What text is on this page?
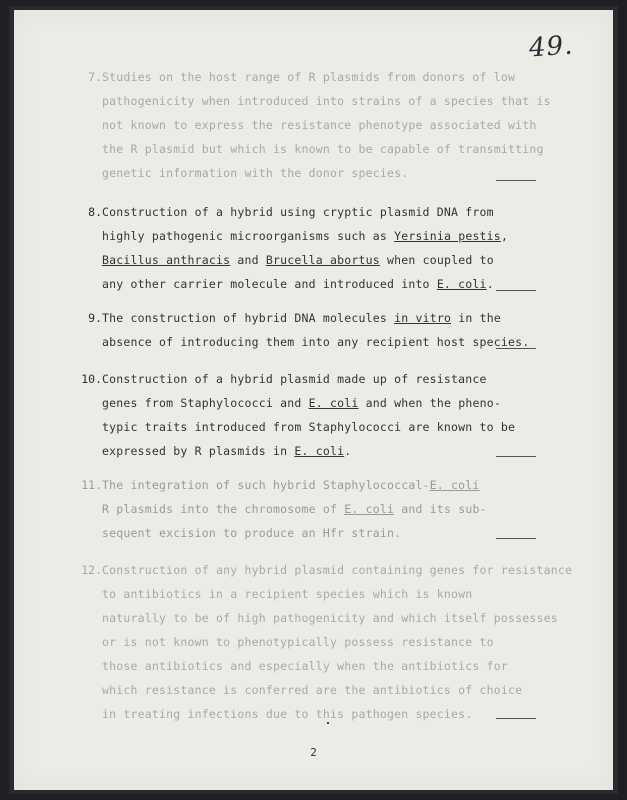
49.
7. Studies on the host range of R plasmids from donors of low
pathogenicity when introduced into strains of a species that is
not known to express the resistance phenotype associated with
the R plasmid but which is known to be capable of transmitting
genetic information with the donor species.
8. Construction of a hybrid using cryptic plasmid DNA from
highly pathogenic microorganisms such as Yersinia pestis,
Bacillus anthracis and Brucella abortus when coupled to
any other carrier molecule and introduced into E. coli.
9. The construction of hybrid DNA molecules in vitro in the
absence of introducing them into any recipient host species.
10. Construction of a hybrid plasmid made up of resistance
genes from Staphylococci and E. coli and when the pheno-
typic traits introduced from Staphylococci are known to be
expressed by R plasmids in E. coli.
11. The integration of such hybrid Staphylococcal-E. coli
R plasmids into the chromosome of E. coli and its sub-
sequent excision to produce an Hfr strain.
12. Construction of any hybrid plasmid containing genes for resistance
to antibiotics in a recipient species which is known
naturally to be of high pathogenicity and which itself possesses
or is not known to phenotypically possess resistance to
those antibiotics and especially when the antibiotics for
which resistance is conferred are the antibiotics of choice
in treating infections due to this pathogen species.
2
